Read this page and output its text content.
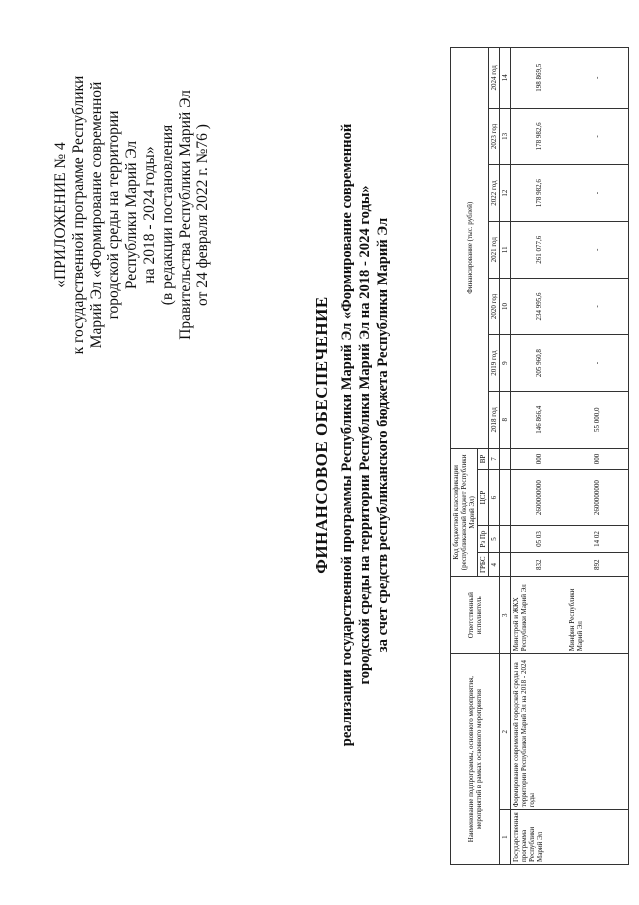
«ПРИЛОЖЕНИЕ № 4 к государственной программе Республики Марий Эл «Формирование современной городской среды на территории Республики Марий Эл на 2018 - 2024 годы» (в редакции постановления Правительства Республики Марий Эл от 24 февраля 2022 г. №76 )
ФИНАНСОВОЕ ОБЕСПЕЧЕНИЕ реализации государственной программы Республики Марий Эл «Формирование современной городской среды на территории Республики Марий Эл на 2018 - 2024 годы» за счет средств республиканского бюджета Республики Марий Эл
Наименование подпрограммы, основного мероприятия, мероприятий в рамках основного мероприятия		Ответственный исполнитель	Код бюджетной классификации (республиканский бюджет Республики Марий Эл)				Финансирование (тыс. рублей)						
			ГРБС	Рз Пр	ЦСР	ВР							
			4	5	6	7	2018 год	2019 год	2020 год	2021 год	2022 год	2023 год	2024 год
1	2	3					8	9	10	11	12	13	14
Государственная программа Республики Марий Эл	Формирование современной городской среды на территории Республики Марий Эл на 2018 - 2024 годы	Минстрой и ЖКХ Республики Марий Эл	832	05 03	2600000000	000	146 866,4	205 960,8	234 995,6	261 077,6	178 982,6	178 982,6	198 869,5
		Минфин Республики Марий Эл	892	14 02	2600000000	000	55 000,0	-	-	-	-	-	-
